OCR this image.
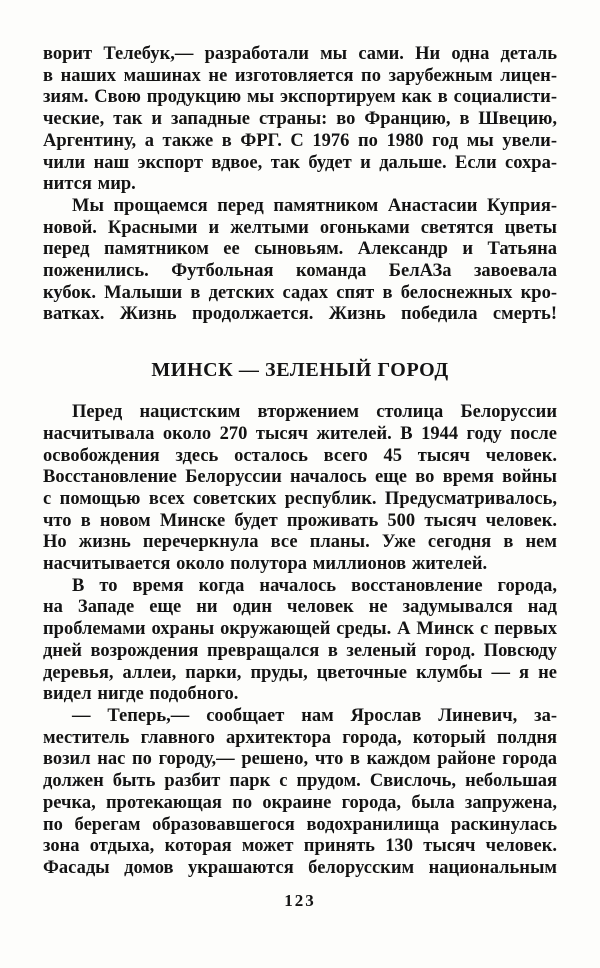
ворит Телебук,— разработали мы сами. Ни одна деталь
в наших машинах не изготовляется по зарубежным лицен-
зиям. Свою продукцию мы экспортируем как в социалисти-
ческие, так и западные страны: во Францию, в Швецию,
Аргентину, а также в ФРГ. С 1976 по 1980 год мы увели-
чили наш экспорт вдвое, так будет и дальше. Если сохра-
нится мир.
Мы прощаемся перед памятником Анастасии Куприя-
новой. Красными и желтыми огоньками светятся цветы
перед памятником ее сыновьям. Александр и Татьяна
поженились. Футбольная команда БелАЗа завоевала
кубок. Малыши в детских садах спят в белоснежных кро-
ватках. Жизнь продолжается. Жизнь победила смерть!
МИНСК — ЗЕЛЕНЫЙ ГОРОД
Перед нацистским вторжением столица Белоруссии
насчитывала около 270 тысяч жителей. В 1944 году после
освобождения здесь осталось всего 45 тысяч человек.
Восстановление Белоруссии началось еще во время войны
с помощью всех советских республик. Предусматривалось,
что в новом Минске будет проживать 500 тысяч человек.
Но жизнь перечеркнула все планы. Уже сегодня в нем
насчитывается около полутора миллионов жителей.
В то время когда началось восстановление города,
на Западе еще ни один человек не задумывался над
проблемами охраны окружающей среды. А Минск с первых
дней возрождения превращался в зеленый город. Повсюду
деревья, аллеи, парки, пруды, цветочные клумбы — я не
видел нигде подобного.
— Теперь,— сообщает нам Ярослав Линевич, за-
меститель главного архитектора города, который полдня
возил нас по городу,— решено, что в каждом районе города
должен быть разбит парк с прудом. Свислочь, небольшая
речка, протекающая по окраине города, была запружена,
по берегам образовавшегося водохранилища раскинулась
зона отдыха, которая может принять 130 тысяч человек.
Фасады домов украшаются белорусским национальным
123
